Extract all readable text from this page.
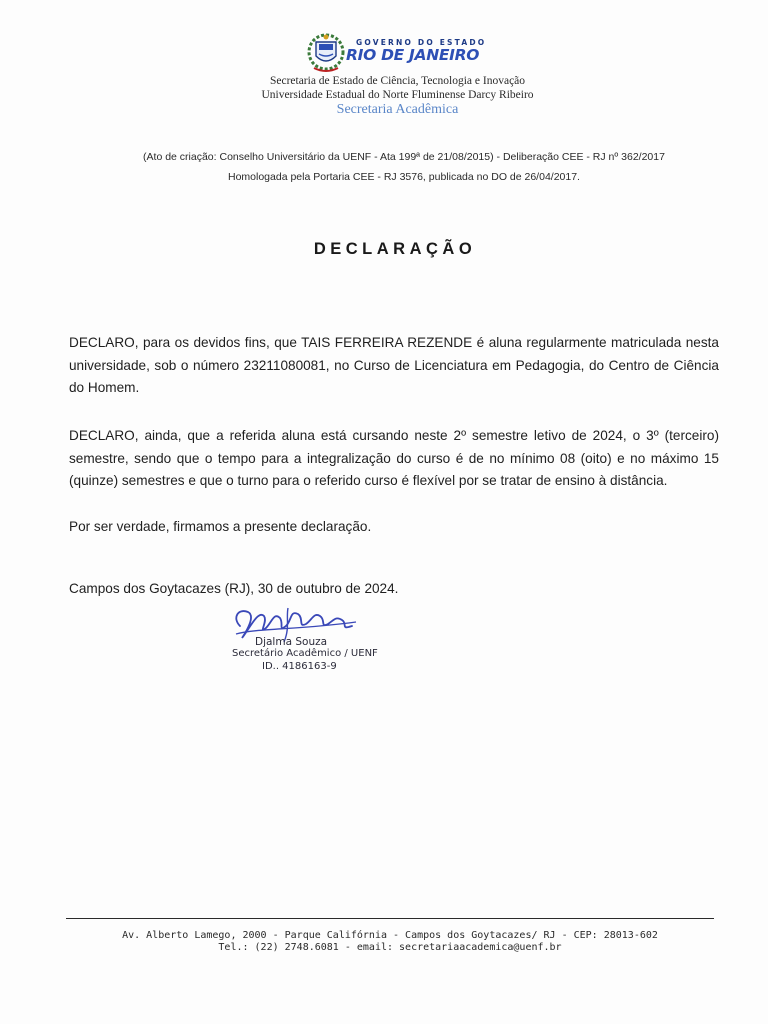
GOVERNO DO ESTADO
RIO DE JANEIRO
Secretaria de Estado de Ciência, Tecnologia e Inovação
Universidade Estadual do Norte Fluminense Darcy Ribeiro
Secretaria Acadêmica
(Ato de criação: Conselho Universitário da UENF - Ata 199ª de 21/08/2015) - Deliberação CEE - RJ nº 362/2017
Homologada pela Portaria CEE - RJ 3576, publicada no DO de 26/04/2017.
DECLARAÇÃO
DECLARO, para os devidos fins, que TAIS FERREIRA REZENDE é aluna regularmente matriculada nesta universidade, sob o número 23211080081, no Curso de Licenciatura em Pedagogia, do Centro de Ciência do Homem.
DECLARO, ainda, que a referida aluna está cursando neste 2º semestre letivo de 2024, o 3º (terceiro) semestre, sendo que o tempo para a integralização do curso é de no mínimo 08 (oito) e no máximo 15 (quinze) semestres e que o turno para o referido curso é flexível por se tratar de ensino à distância.
Por ser verdade, firmamos a presente declaração.
Campos dos Goytacazes (RJ), 30 de outubro de 2024.
Djalma Souza
Secretário Acadêmico / UENF
ID.. 4186163-9
Av. Alberto Lamego, 2000 - Parque Califórnia - Campos dos Goytacazes/ RJ - CEP: 28013-602
Tel.: (22) 2748.6081 - email: secretariaacademica@uenf.br
